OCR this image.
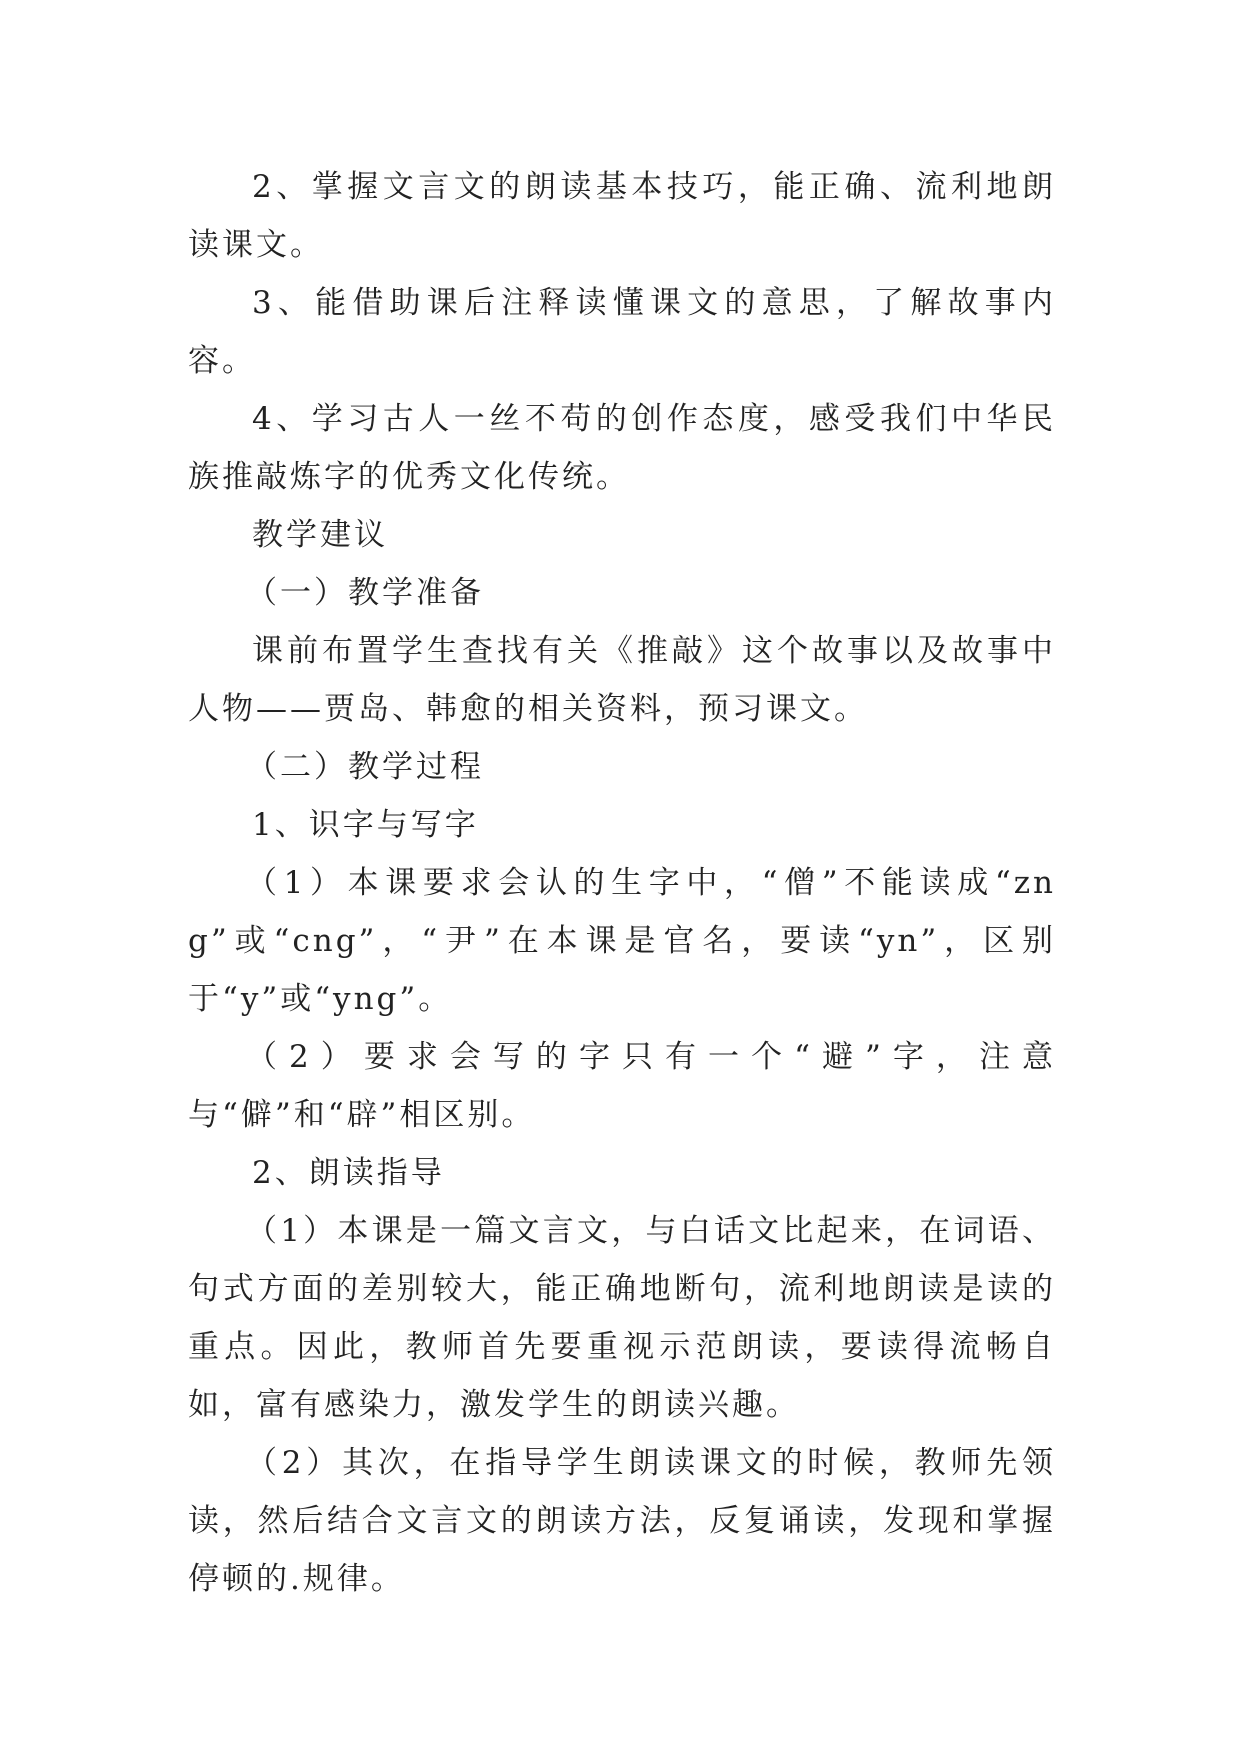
2、掌握文言文的朗读基本技巧，能正确、流利地朗读课文。

3、能借助课后注释读懂课文的意思，了解故事内容。

4、学习古人一丝不苟的创作态度，感受我们中华民族推敲炼字的优秀文化传统。

教学建议

（一）教学准备

课前布置学生查找有关《推敲》这个故事以及故事中人物——贾岛、韩愈的相关资料，预习课文。

（二）教学过程

1、识字与写字

（1）本课要求会认的生字中，“僧”不能读成“zng”或“cng”，“尹”在本课是官名，要读“yn”，区别于“y”或“yng”。

（2）要求会写的字只有一个“避”字，注意与“僻”和“辟”相区别。

2、朗读指导

（1）本课是一篇文言文，与白话文比起来，在词语、句式方面的差别较大，能正确地断句，流利地朗读是读的重点。因此，教师首先要重视示范朗读，要读得流畅自如，富有感染力，激发学生的朗读兴趣。

（2）其次，在指导学生朗读课文的时候，教师先领读，然后结合文言文的朗读方法，反复诵读，发现和掌握停顿的.规律。
